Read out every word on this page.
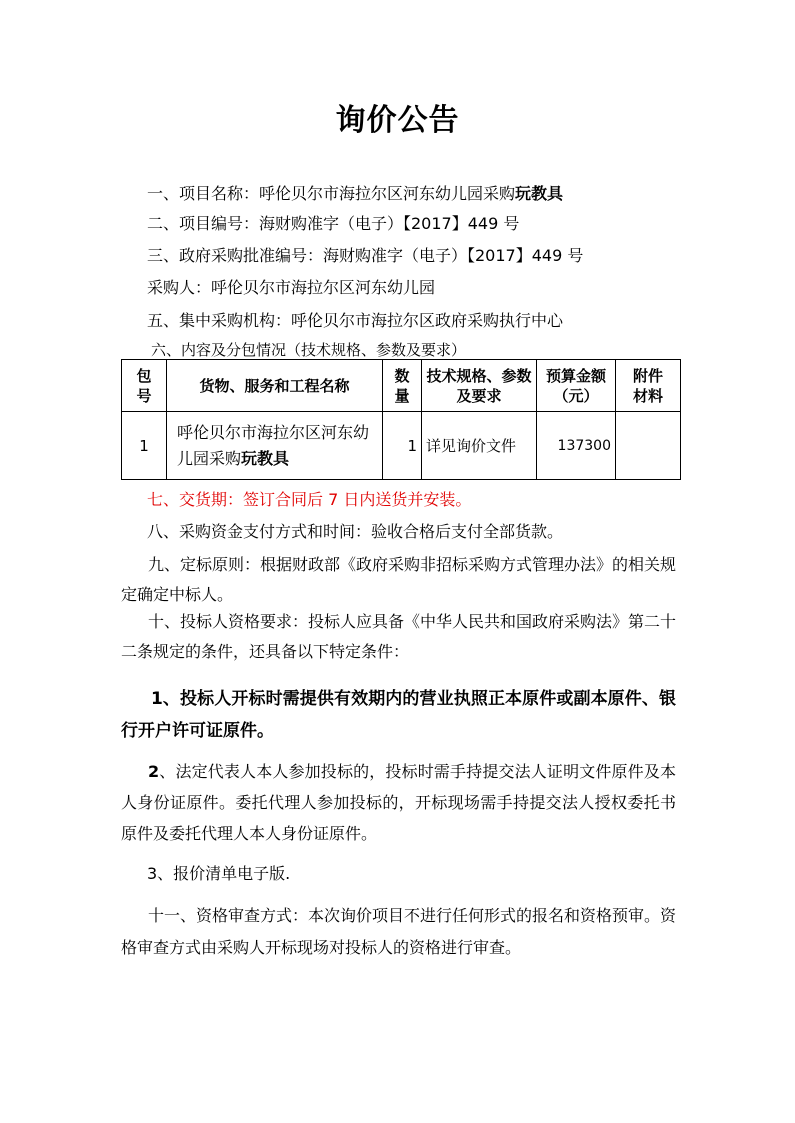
询价公告
一、项目名称：呼伦贝尔市海拉尔区河东幼儿园采购玩教具
二、项目编号：海财购准字（电子）【2017】449 号
三、政府采购批准编号：海财购准字（电子）【2017】449 号
采购人：呼伦贝尔市海拉尔区河东幼儿园
五、集中采购机构：呼伦贝尔市海拉尔区政府采购执行中心
六、内容及分包情况（技术规格、参数及要求）
包号	货物、服务和工程名称	数量	技术规格、参数及要求	预算金额（元）	附件材料
1	呼伦贝尔市海拉尔区河东幼儿园采购玩教具	1	详见询价文件	137300	
七、交货期：签订合同后 7 日内送货并安装。
八、采购资金支付方式和时间：验收合格后支付全部货款。
九、定标原则：根据财政部《政府采购非招标采购方式管理办法》的相关规定确定中标人。
十、投标人资格要求：投标人应具备《中华人民共和国政府采购法》第二十二条规定的条件，还具备以下特定条件：
1、投标人开标时需提供有效期内的营业执照正本原件或副本原件、银行开户许可证原件。
2、法定代表人本人参加投标的，投标时需手持提交法人证明文件原件及本人身份证原件。委托代理人参加投标的，开标现场需手持提交法人授权委托书原件及委托代理人本人身份证原件。
3、报价清单电子版.
十一、资格审查方式：本次询价项目不进行任何形式的报名和资格预审。资格审查方式由采购人开标现场对投标人的资格进行审查。
